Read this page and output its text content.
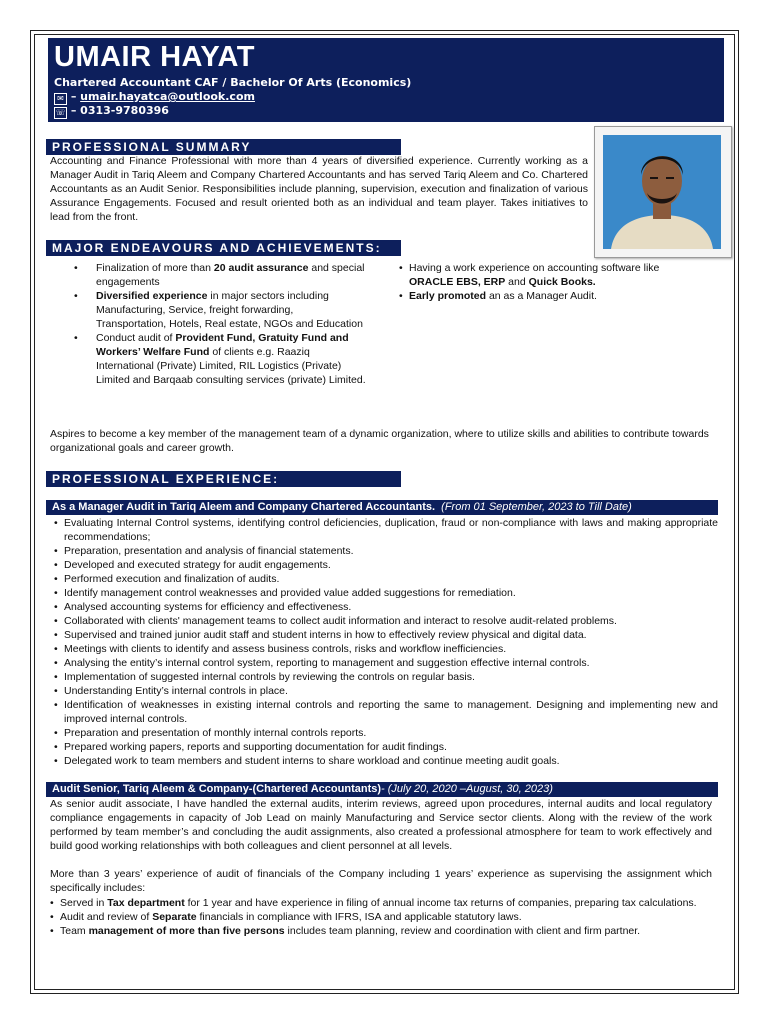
UMAIR HAYAT
Chartered Accountant CAF / Bachelor Of Arts (Economics)
✉ – umair.hayatca@outlook.com
☏ – 0313-9780396
PROFESSIONAL SUMMARY
Accounting and Finance Professional with more than 4 years of diversified experience. Currently working as a Manager Audit in Tariq Aleem and Company Chartered Accountants and has served Tariq Aleem and Co. Chartered Accountants as an Audit Senior. Responsibilities include planning, supervision, execution and finalization of various Assurance Engagements. Focused and result oriented both as an individual and team player. Takes initiatives to lead from the front.
MAJOR ENDEAVOURS AND ACHIEVEMENTS:
• Finalization of more than 20 audit assurance and special engagements
• Diversified experience in major sectors including Manufacturing, Service, freight forwarding, Transportation, Hotels, Real estate, NGOs and Education
• Conduct audit of Provident Fund, Gratuity Fund and Workers’ Welfare Fund of clients e.g. Raaziq International (Private) Limited, RIL Logistics (Private) Limited and Barqaab consulting services (private) Limited.
• Having a work experience on accounting software like
ORACLE EBS, ERP and Quick Books.
• Early promoted an as a Manager Audit.
Aspires to become a key member of the management team of a dynamic organization, where to utilize skills and abilities to contribute towards organizational goals and career growth.
PROFESSIONAL EXPERIENCE:
As a Manager Audit in Tariq Aleem and Company Chartered Accountants. (From 01 September, 2023 to Till Date)
• Evaluating Internal Control systems, identifying control deficiencies, duplication, fraud or non-compliance with laws and making appropriate recommendations;
• Preparation, presentation and analysis of financial statements.
• Developed and executed strategy for audit engagements.
• Performed execution and finalization of audits.
• Identify management control weaknesses and provided value added suggestions for remediation.
• Analysed accounting systems for efficiency and effectiveness.
• Collaborated with clients' management teams to collect audit information and interact to resolve audit-related problems.
• Supervised and trained junior audit staff and student interns in how to effectively review physical and digital data.
• Meetings with clients to identify and assess business controls, risks and workflow inefficiencies.
• Analysing the entity’s internal control system, reporting to management and suggestion effective internal controls.
• Implementation of suggested internal controls by reviewing the controls on regular basis.
• Understanding Entity’s internal controls in place.
• Identification of weaknesses in existing internal controls and reporting the same to management. Designing and implementing new and improved internal controls.
• Preparation and presentation of monthly internal controls reports.
• Prepared working papers, reports and supporting documentation for audit findings.
• Delegated work to team members and student interns to share workload and continue meeting audit goals.
Audit Senior, Tariq Aleem & Company-(Chartered Accountants)- (July 20, 2020 –August, 30, 2023)
As senior audit associate, I have handled the external audits, interim reviews, agreed upon procedures, internal audits and local regulatory compliance engagements in capacity of Job Lead on mainly Manufacturing and Service sector clients. Along with the review of the work performed by team member’s and concluding the audit assignments, also created a professional atmosphere for team to work effectively and build good working relationships with both colleagues and client personnel at all levels.
More than 3 years’ experience of audit of financials of the Company including 1 years’ experience as supervising the assignment which specifically includes:
• Served in Tax department for 1 year and have experience in filing of annual income tax returns of companies, preparing tax calculations.
• Audit and review of Separate financials in compliance with IFRS, ISA and applicable statutory laws.
• Team management of more than five persons includes team planning, review and coordination with client and firm partner.
